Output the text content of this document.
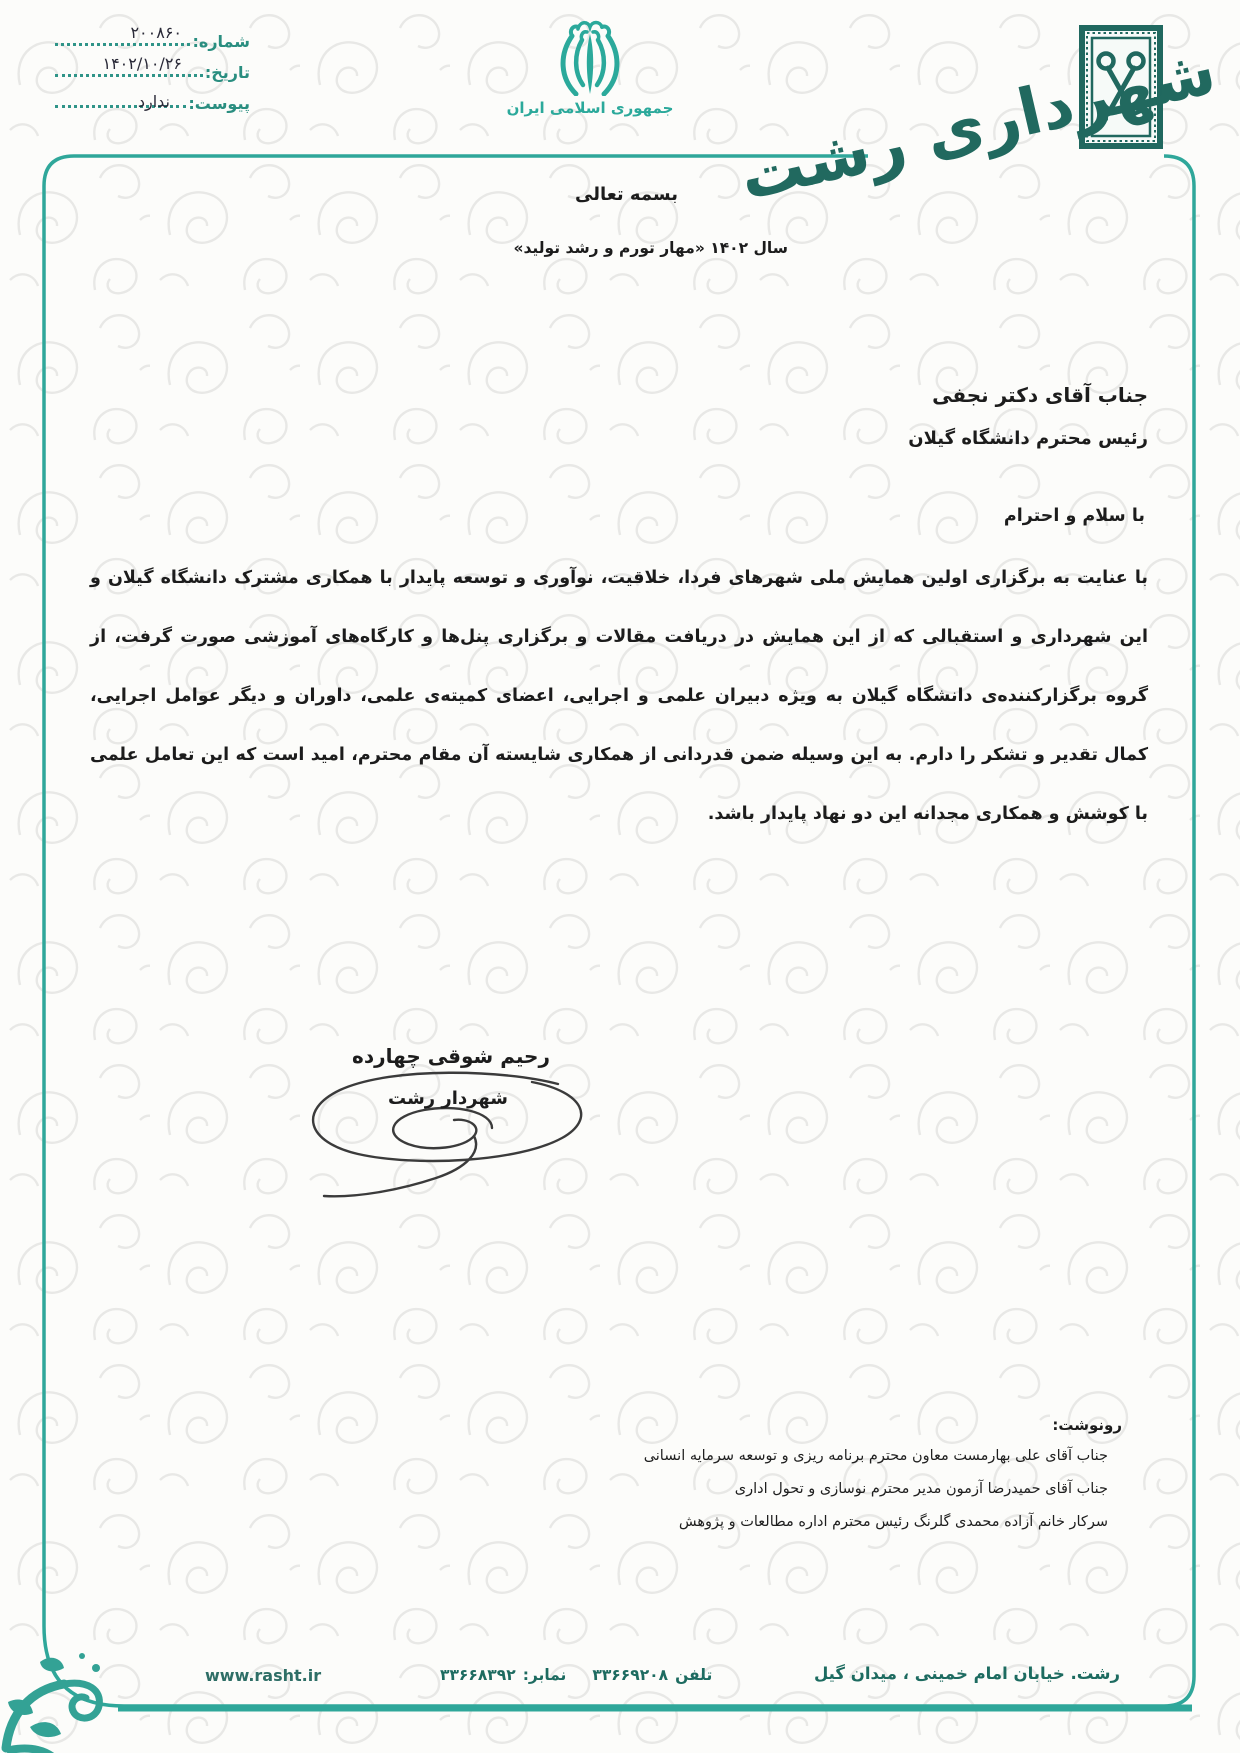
شماره:
۲۰۰۸۶۰
تاریخ:
۱۴۰۲/۱۰/۲۶
پیوست:
ندارد	جمهوری اسلامی ایران شهرداری رشت
بسمه تعالی
سال ۱۴۰۲ «مهار تورم و رشد تولید»
جناب آقای دکتر نجفی
رئیس محترم دانشگاه گیلان
با سلام و احترام
با عنایت به برگزاری اولین همایش ملی شهرهای فردا، خلاقیت، نوآوری و توسعه پایدار با همکاری مشترک دانشگاه گیلان و این شهرداری و استقبالی که از این همایش در دریافت مقالات و برگزاری پنل‌ها و کارگاه‌های آموزشی صورت گرفت، از گروه برگزارکننده‌ی دانشگاه گیلان به ویژه دبیران علمی و اجرایی، اعضای کمیته‌ی علمی، داوران و دیگر عوامل اجرایی، کمال تقدیر و تشکر را دارم. به این وسیله ضمن قدردانی از همکاری شایسته آن مقام محترم، امید است که این تعامل علمی با کوشش و همکاری مجدانه این دو نهاد پایدار باشد.
رحیم شوقی چهارده
شهردار رشت
رونوشت:
جناب آقای علی بهارمست معاون محترم برنامه ریزی و توسعه سرمایه انسانی
جناب آقای حمیدرضا آزمون مدیر محترم نوسازی و تحول اداری
سرکار خانم آزاده محمدی گلرنگ رئیس محترم اداره مطالعات و پژوهش
رشت. خیابان امام خمینی ، میدان گیل
تلفن۳۳۶۶۹۲۰۸نمابر:۳۳۶۶۸۳۹۲
www.rasht.ir
